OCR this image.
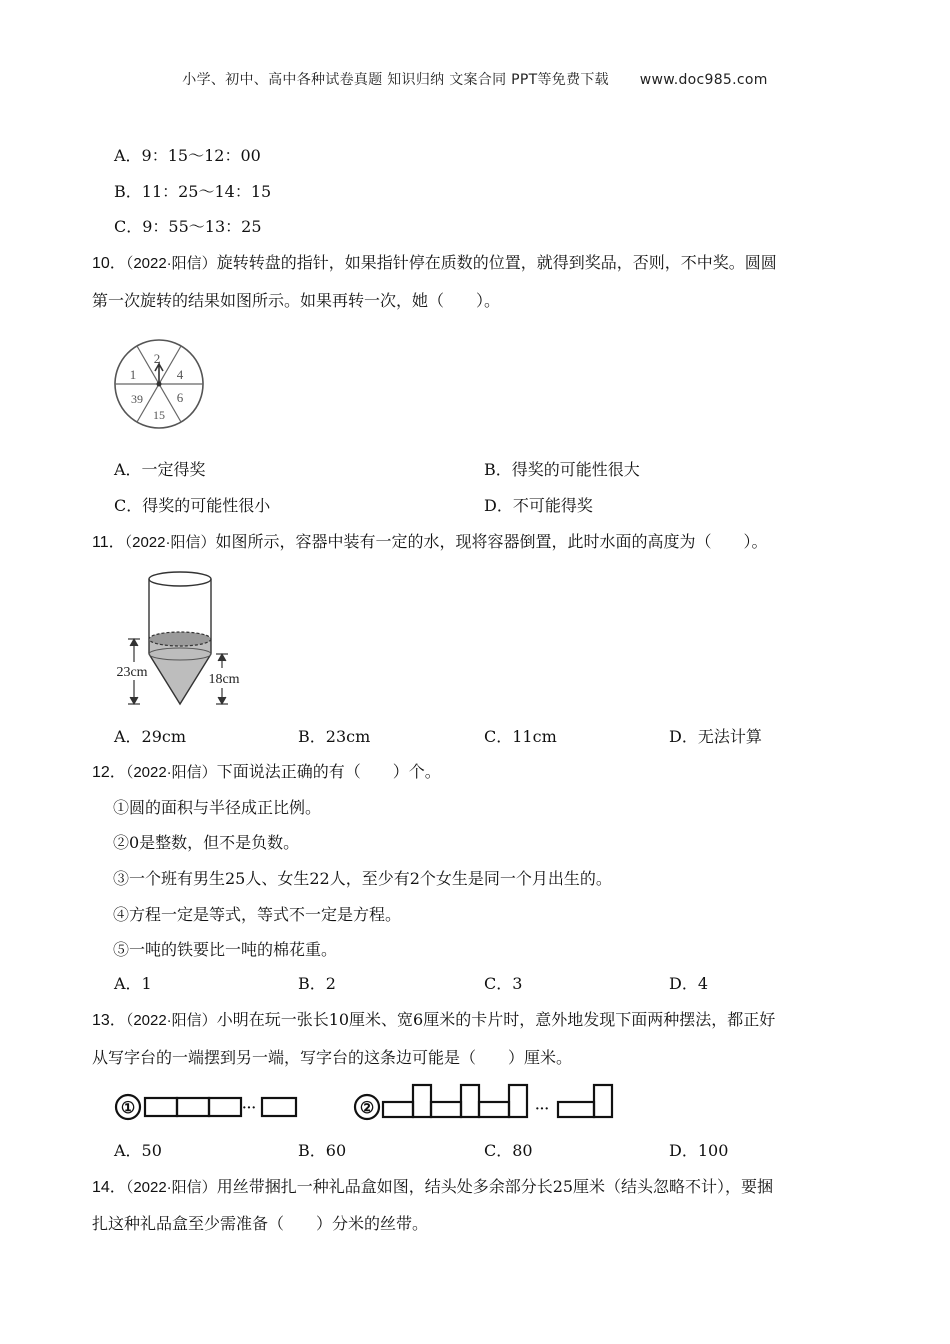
小学、初中、高中各种试卷真题 知识归纳 文案合同 PPT等免费下载 www.doc985.com
A．9：15～12：00
B．11：25～14：15
C．9：55～13：25
10．（2022·阳信）旋转转盘的指针，如果指针停在质数的位置，就得到奖品，否则，不中奖。圆圆
第一次旋转的结果如图所示。如果再转一次，她（　　）。
2
4
6
15
39
1
A．一定得奖	B．得奖的可能性很大
C．得奖的可能性很小	D．不可能得奖
11．（2022·阳信）如图所示，容器中装有一定的水，现将容器倒置，此时水面的高度为（　　）。
23cm	18cm
A．29cm	B．23cm	C．11cm	D．无法计算
12．（2022·阳信）下面说法正确的有（　　）个。
①圆的面积与半径成正比例。
②0是整数，但不是负数。
③一个班有男生25人、女生22人，至少有2个女生是同一个月出生的。
④方程一定是等式，等式不一定是方程。
⑤一吨的铁要比一吨的棉花重。
A．1	B．2	C．3	D．4
13．（2022·阳信）小明在玩一张长10厘米、宽6厘米的卡片时，意外地发现下面两种摆法，都正好
从写字台的一端摆到另一端，写字台的这条边可能是（　　）厘米。
①	···	②	···
A．50	B．60	C．80	D．100
14．（2022·阳信）用丝带捆扎一种礼品盒如图，结头处多余部分长25厘米（结头忽略不计），要捆
扎这种礼品盒至少需准备（　　）分米的丝带。
